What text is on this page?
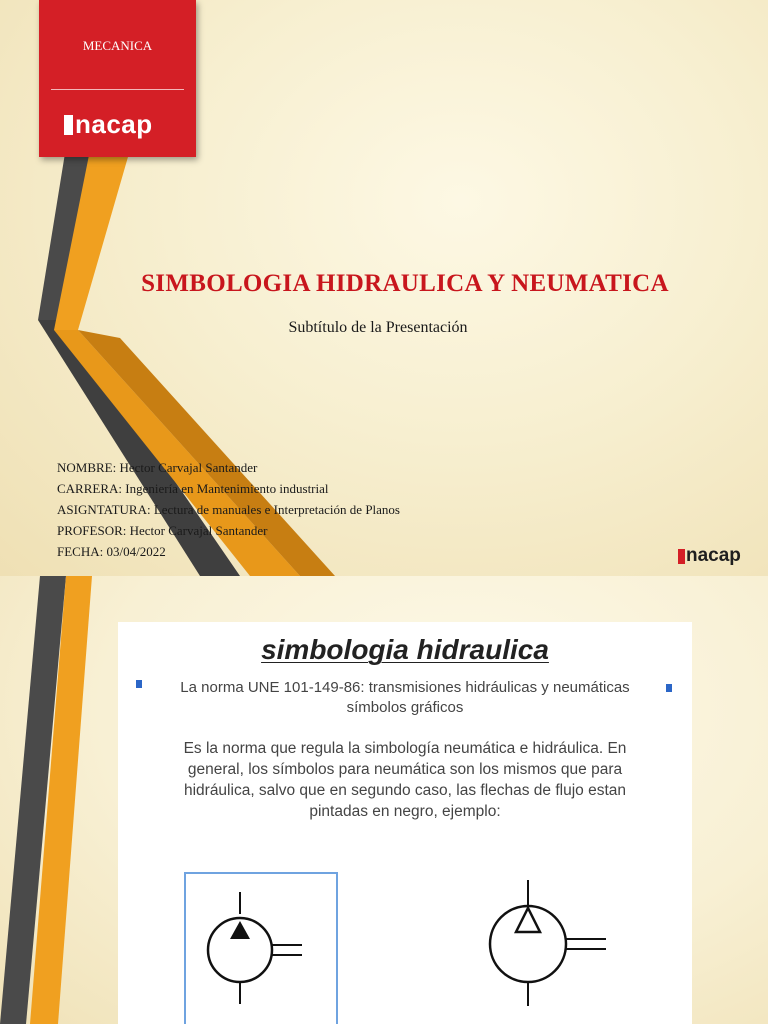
MECANICA
nacap
SIMBOLOGIA HIDRAULICA Y NEUMATICA
Subtítulo de la Presentación
NOMBRE: Hector Carvajal Santander
CARRERA: Ingeniería en Mantenimiento industrial
ASIGNTATURA: Lectura de manuales e Interpretación de Planos
PROFESOR: Hector Carvajal Santander
FECHA: 03/04/2022	nacap
simbologia hidraulica
La norma UNE 101-149-86: transmisiones hidráulicas y neumáticas
símbolos gráficos
Es la norma que regula la simbología neumática e hidráulica. En
general, los símbolos para neumática son los mismos que para
hidráulica, salvo que en segundo caso, las flechas de flujo estan
pintadas en negro, ejemplo:
